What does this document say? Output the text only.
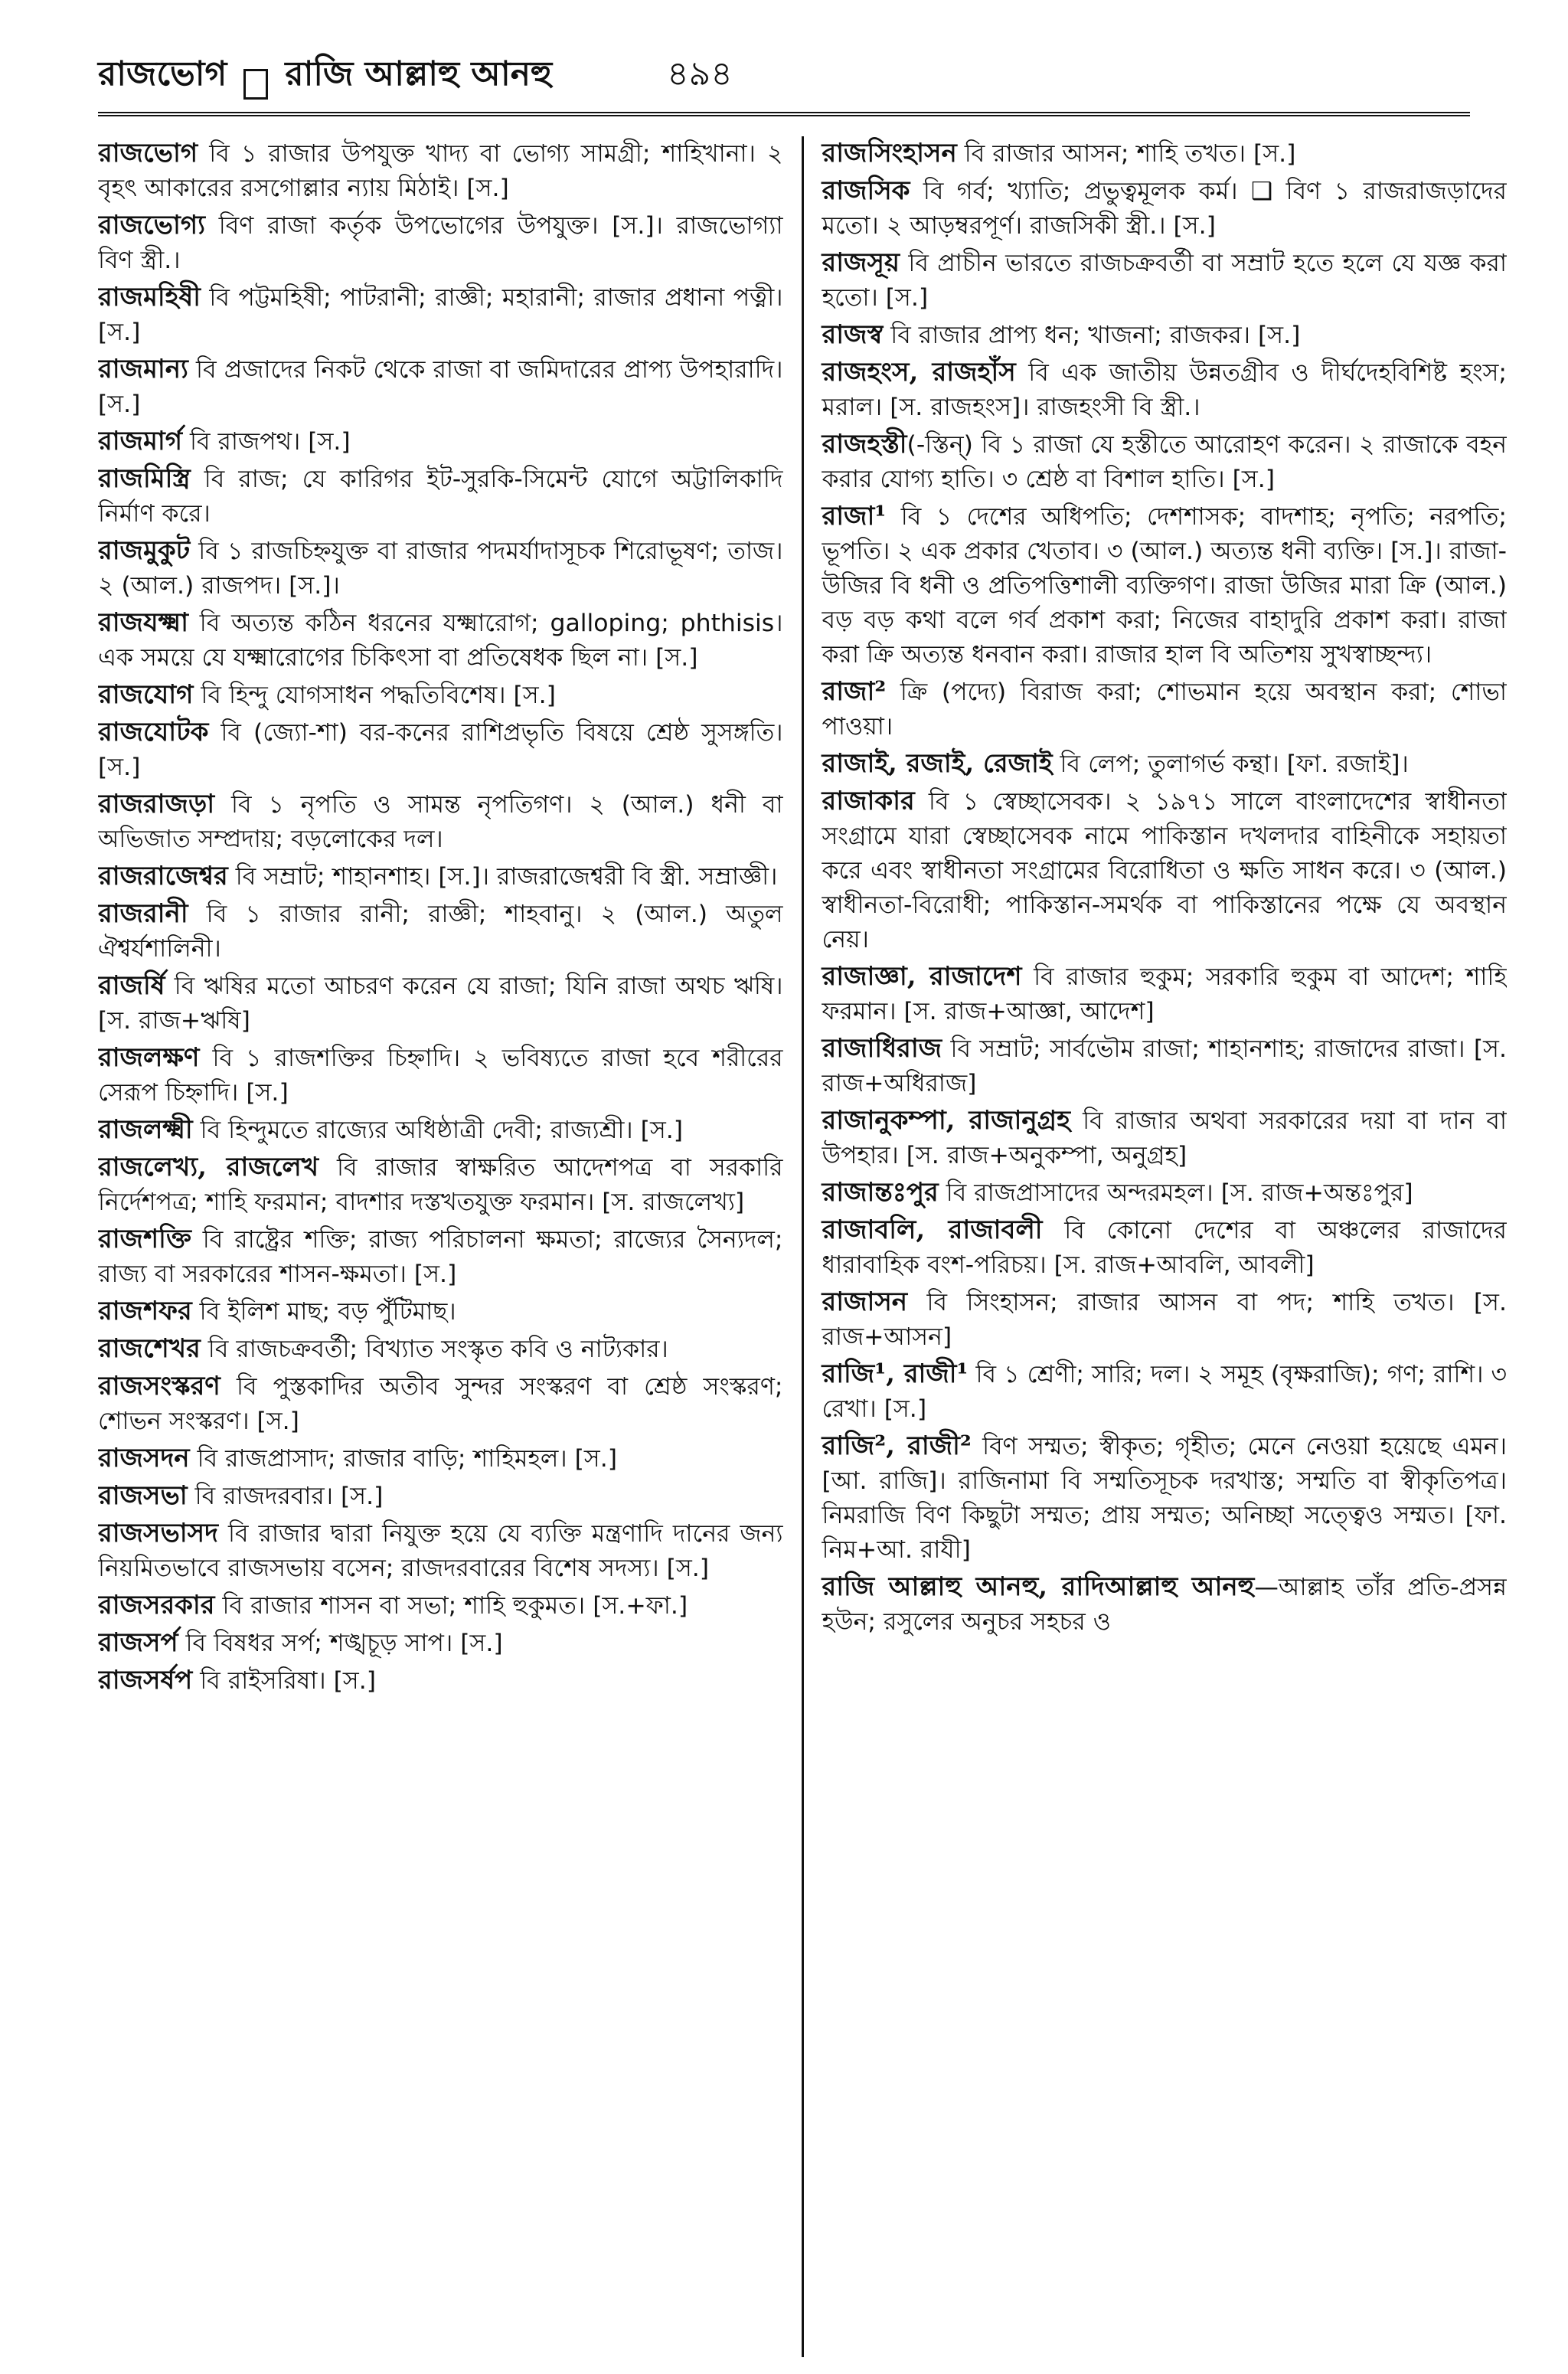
রাজভোগ রাজি আল্লাহু আনহু	৪৯৪

রাজভোগ বি ১ রাজার উপযুক্ত খাদ্য বা ভোগ্য সামগ্রী; শাহিখানা। ২ বৃহৎ আকারের রসগোল্লার ন্যায় মিঠাই। [স.]

রাজভোগ্য বিণ রাজা কর্তৃক উপভোগের উপযুক্ত। [স.]। রাজভোগ্যা বিণ স্ত্রী.।

রাজমহিষী বি পট্টমহিষী; পাটরানী; রাজ্ঞী; মহারানী; রাজার প্রধানা পত্নী। [স.]

রাজমান্য বি প্রজাদের নিকট থেকে রাজা বা জমিদারের প্রাপ্য উপহারাদি। [স.]

রাজমার্গ বি রাজপথ। [স.]

রাজমিস্ত্রি বি রাজ; যে কারিগর ইট-সুরকি-সিমেন্ট যোগে অট্টালিকাদি নির্মাণ করে।

রাজমুকুট বি ১ রাজচিহ্নযুক্ত বা রাজার পদমর্যাদাসূচক শিরোভূষণ; তাজ। ২ (আল.) রাজপদ। [স.]।

রাজযক্ষ্মা বি অত্যন্ত কঠিন ধরনের যক্ষ্মারোগ; galloping; phthisis। এক সময়ে যে যক্ষ্মারোগের চিকিৎসা বা প্রতিষেধক ছিল না। [স.]

রাজযোগ বি হিন্দু যোগসাধন পদ্ধতিবিশেষ। [স.]

রাজযোটক বি (জ্যো-শা) বর-কনের রাশিপ্রভৃতি বিষয়ে শ্রেষ্ঠ সুসঙ্গতি। [স.]

রাজরাজড়া বি ১ নৃপতি ও সামন্ত নৃপতিগণ। ২ (আল.) ধনী বা অভিজাত সম্প্রদায়; বড়লোকের দল।

রাজরাজেশ্বর বি সম্রাট; শাহানশাহ। [স.]। রাজরাজেশ্বরী বি স্ত্রী. সম্রাজ্ঞী।

রাজরানী বি ১ রাজার রানী; রাজ্ঞী; শাহবানু। ২ (আল.) অতুল ঐশ্বর্যশালিনী।

রাজর্ষি বি ঋষির মতো আচরণ করেন যে রাজা; যিনি রাজা অথচ ঋষি। [স. রাজ+ঋষি]

রাজলক্ষণ বি ১ রাজশক্তির চিহ্নাদি। ২ ভবিষ্যতে রাজা হবে শরীরের সেরূপ চিহ্নাদি। [স.]

রাজলক্ষ্মী বি হিন্দুমতে রাজ্যের অধিষ্ঠাত্রী দেবী; রাজ্যশ্রী। [স.]

রাজলেখ্য, রাজলেখ বি রাজার স্বাক্ষরিত আদেশপত্র বা সরকারি নির্দেশপত্র; শাহি ফরমান; বাদশার দস্তখতযুক্ত ফরমান। [স. রাজলেখ্য]

রাজশক্তি বি রাষ্ট্রের শক্তি; রাজ্য পরিচালনা ক্ষমতা; রাজ্যের সৈন্যদল; রাজ্য বা সরকারের শাসন-ক্ষমতা। [স.]

রাজশফর বি ইলিশ মাছ; বড় পুঁটিমাছ।

রাজশেখর বি রাজচক্রবর্তী; বিখ্যাত সংস্কৃত কবি ও নাট্যকার।

রাজসংস্করণ বি পুস্তকাদির অতীব সুন্দর সংস্করণ বা শ্রেষ্ঠ সংস্করণ; শোভন সংস্করণ। [স.]

রাজসদন বি রাজপ্রাসাদ; রাজার বাড়ি; শাহিমহল। [স.]

রাজসভা বি রাজদরবার। [স.]

রাজসভাসদ বি রাজার দ্বারা নিযুক্ত হয়ে যে ব্যক্তি মন্ত্রণাদি দানের জন্য নিয়মিতভাবে রাজসভায় বসেন; রাজদরবারের বিশেষ সদস্য। [স.]

রাজসরকার বি রাজার শাসন বা সভা; শাহি হুকুমত। [স.+ফা.]

রাজসর্প বি বিষধর সর্প; শঙ্খচূড় সাপ। [স.]

রাজসর্ষপ বি রাইসরিষা। [স.]

রাজসিংহাসন বি রাজার আসন; শাহি তখত। [স.]

রাজসিক বি গর্ব; খ্যাতি; প্রভুত্বমূলক কর্ম। ❑ বিণ ১ রাজরাজড়াদের মতো। ২ আড়ম্বরপূর্ণ। রাজসিকী স্ত্রী.। [স.]

রাজসূয় বি প্রাচীন ভারতে রাজচক্রবর্তী বা সম্রাট হতে হলে যে যজ্ঞ করা হতো। [স.]

রাজস্ব বি রাজার প্রাপ্য ধন; খাজনা; রাজকর। [স.]

রাজহংস, রাজহাঁস বি এক জাতীয় উন্নতগ্রীব ও দীর্ঘদেহবিশিষ্ট হংস; মরাল। [স. রাজহংস]। রাজহংসী বি স্ত্রী.।

রাজহস্তী(-স্তিন্) বি ১ রাজা যে হস্তীতে আরোহণ করেন। ২ রাজাকে বহন করার যোগ্য হাতি। ৩ শ্রেষ্ঠ বা বিশাল হাতি। [স.]

রাজা¹ বি ১ দেশের অধিপতি; দেশশাসক; বাদশাহ; নৃপতি; নরপতি; ভূপতি। ২ এক প্রকার খেতাব। ৩ (আল.) অত্যন্ত ধনী ব্যক্তি। [স.]। রাজা-উজির বি ধনী ও প্রতিপত্তিশালী ব্যক্তিগণ। রাজা উজির মারা ক্রি (আল.) বড় বড় কথা বলে গর্ব প্রকাশ করা; নিজের বাহাদুরি প্রকাশ করা। রাজা করা ক্রি অত্যন্ত ধনবান করা। রাজার হাল বি অতিশয় সুখস্বাচ্ছন্দ্য।

রাজা² ক্রি (পদ্যে) বিরাজ করা; শোভমান হয়ে অবস্থান করা; শোভা পাওয়া।

রাজাই, রজাই, রেজাই বি লেপ; তুলাগর্ভ কন্থা। [ফা. রজাই]।

রাজাকার বি ১ স্বেচ্ছাসেবক। ২ ১৯৭১ সালে বাংলাদেশের স্বাধীনতা সংগ্রামে যারা স্বেচ্ছাসেবক নামে পাকিস্তান দখলদার বাহিনীকে সহায়তা করে এবং স্বাধীনতা সংগ্রামের বিরোধিতা ও ক্ষতি সাধন করে। ৩ (আল.) স্বাধীনতা-বিরোধী; পাকিস্তান-সমর্থক বা পাকিস্তানের পক্ষে যে অবস্থান নেয়।

রাজাজ্ঞা, রাজাদেশ বি রাজার হুকুম; সরকারি হুকুম বা আদেশ; শাহি ফরমান। [স. রাজ+আজ্ঞা, আদেশ]

রাজাধিরাজ বি সম্রাট; সার্বভৌম রাজা; শাহানশাহ; রাজাদের রাজা। [স. রাজ+অধিরাজ]

রাজানুকম্পা, রাজানুগ্রহ বি রাজার অথবা সরকারের দয়া বা দান বা উপহার। [স. রাজ+অনুকম্পা, অনুগ্রহ]

রাজান্তঃপুর বি রাজপ্রাসাদের অন্দরমহল। [স. রাজ+অন্তঃপুর]

রাজাবলি, রাজাবলী বি কোনো দেশের বা অঞ্চলের রাজাদের ধারাবাহিক বংশ-পরিচয়। [স. রাজ+আবলি, আবলী]

রাজাসন বি সিংহাসন; রাজার আসন বা পদ; শাহি তখত। [স. রাজ+আসন]

রাজি¹, রাজী¹ বি ১ শ্রেণী; সারি; দল। ২ সমূহ (বৃক্ষরাজি); গণ; রাশি। ৩ রেখা। [স.]

রাজি², রাজী² বিণ সম্মত; স্বীকৃত; গৃহীত; মেনে নেওয়া হয়েছে এমন। [আ. রাজি]। রাজিনামা বি সম্মতিসূচক দরখাস্ত; সম্মতি বা স্বীকৃতিপত্র। নিমরাজি বিণ কিছুটা সম্মত; প্রায় সম্মত; অনিচ্ছা সত্ত্বেও সম্মত। [ফা. নিম+আ. রাযী]

রাজি আল্লাহু আনহু, রাদিআল্লাহু আনহু—আল্লাহ তাঁর প্রতি-প্রসন্ন হউন; রসুলের অনুচর সহচর ও
